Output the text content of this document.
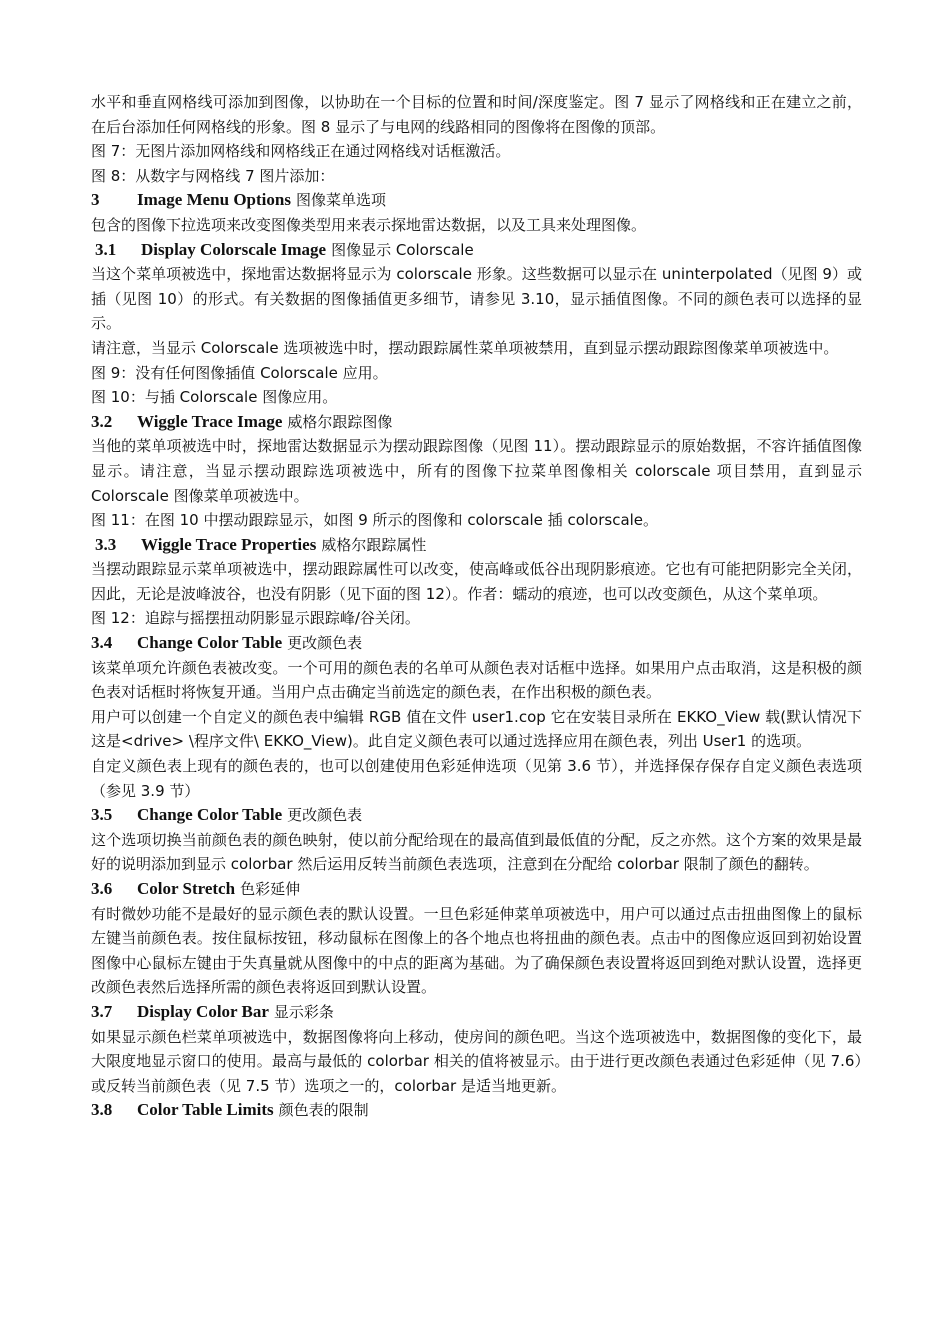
水平和垂直网格线可添加到图像，以协助在一个目标的位置和时间/深度鉴定。图 7 显示了网格线和正在建立之前，在后台添加任何网格线的形象。图 8 显示了与电网的线路相同的图像将在图像的顶部。

图 7：无图片添加网格线和网格线正在通过网格线对话框激活。

图 8：从数字与网格线 7 图片添加：

3 Image Menu Options 图像菜单选项

包含的图像下拉选项来改变图像类型用来表示探地雷达数据，以及工具来处理图像。

3.1 Display Colorscale Image 图像显示 Colorscale

当这个菜单项被选中，探地雷达数据将显示为 colorscale 形象。这些数据可以显示在 uninterpolated（见图 9）或插（见图 10）的形式。有关数据的图像插值更多细节，请参见 3.10，显示插值图像。不同的颜色表可以选择的显示。

请注意，当显示 Colorscale 选项被选中时，摆动跟踪属性菜单项被禁用，直到显示摆动跟踪图像菜单项被选中。

图 9：没有任何图像插值 Colorscale 应用。

图 10：与插 Colorscale 图像应用。

3.2 Wiggle Trace Image 威格尔跟踪图像

当他的菜单项被选中时，探地雷达数据显示为摆动跟踪图像（见图 11）。摆动跟踪显示的原始数据，不容许插值图像显示。请注意，当显示摆动跟踪选项被选中，所有的图像下拉菜单图像相关 colorscale 项目禁用，直到显示 Colorscale 图像菜单项被选中。

图 11：在图 10 中摆动跟踪显示，如图 9 所示的图像和 colorscale 插 colorscale。

3.3 Wiggle Trace Properties 威格尔跟踪属性

当摆动跟踪显示菜单项被选中，摆动跟踪属性可以改变，使高峰或低谷出现阴影痕迹。它也有可能把阴影完全关闭，因此，无论是波峰波谷，也没有阴影（见下面的图 12）。作者：蠕动的痕迹，也可以改变颜色，从这个菜单项。

图 12：追踪与摇摆扭动阴影显示跟踪峰/谷关闭。

3.4 Change Color Table 更改颜色表

该菜单项允许颜色表被改变。一个可用的颜色表的名单可从颜色表对话框中选择。如果用户点击取消，这是积极的颜色表对话框时将恢复开通。当用户点击确定当前选定的颜色表，在作出积极的颜色表。

用户可以创建一个自定义的颜色表中编辑 RGB 值在文件 user1.cop 它在安装目录所在 EKKO_View 载(默认情况下这是<drive> \程序文件\ EKKO_View)。此自定义颜色表可以通过选择应用在颜色表，列出 User1 的选项。

自定义颜色表上现有的颜色表的，也可以创建使用色彩延伸选项（见第 3.6 节），并选择保存保存自定义颜色表选项（参见 3.9 节）

3.5 Change Color Table 更改颜色表

这个选项切换当前颜色表的颜色映射，使以前分配给现在的最高值到最低值的分配，反之亦然。这个方案的效果是最好的说明添加到显示 colorbar 然后运用反转当前颜色表选项，注意到在分配给 colorbar 限制了颜色的翻转。

3.6 Color Stretch 色彩延伸

有时微妙功能不是最好的显示颜色表的默认设置。一旦色彩延伸菜单项被选中，用户可以通过点击扭曲图像上的鼠标左键当前颜色表。按住鼠标按钮，移动鼠标在图像上的各个地点也将扭曲的颜色表。点击中的图像应返回到初始设置图像中心鼠标左键由于失真量就从图像中的中点的距离为基础。为了确保颜色表设置将返回到绝对默认设置，选择更改颜色表然后选择所需的颜色表将返回到默认设置。

3.7 Display Color Bar 显示彩条

如果显示颜色栏菜单项被选中，数据图像将向上移动，使房间的颜色吧。当这个选项被选中，数据图像的变化下，最大限度地显示窗口的使用。最高与最低的 colorbar 相关的值将被显示。由于进行更改颜色表通过色彩延伸（见 7.6）或反转当前颜色表（见 7.5 节）选项之一的，colorbar 是适当地更新。

3.8 Color Table Limits 颜色表的限制
